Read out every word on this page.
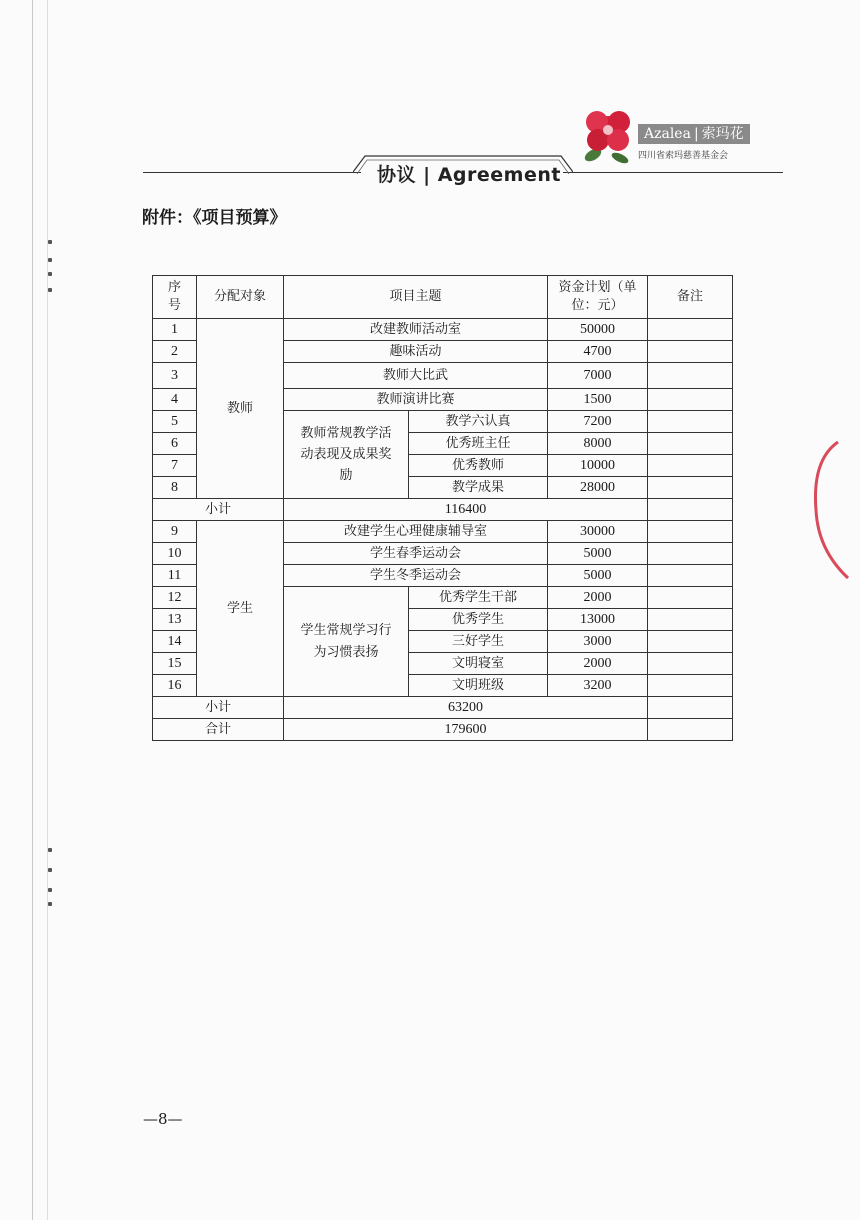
Azalea | 索玛花
四川省索玛慈善基金会
协议 | Agreement
附件：《项目预算》
序号	分配对象	项目主题		资金计划（单位：元）	备注
1	教师	改建教师活动室		50000	
2		趣味活动		4700	
3		教师大比武		7000	
4		教师演讲比赛		1500	
5		教师常规教学活动表现及成果奖励	教学六认真	7200	
6			优秀班主任	8000	
7			优秀教师	10000	
8			教学成果	28000	
小计		116400			
9	学生	改建学生心理健康辅导室		30000	
10		学生春季运动会		5000	
11		学生冬季运动会		5000	
12		学生常规学习行为习惯表扬	优秀学生干部	2000	
13			优秀学生	13000	
14			三好学生	3000	
15			文明寝室	2000	
16			文明班级	3200	
小计		63200			
合计		179600			
—8—
